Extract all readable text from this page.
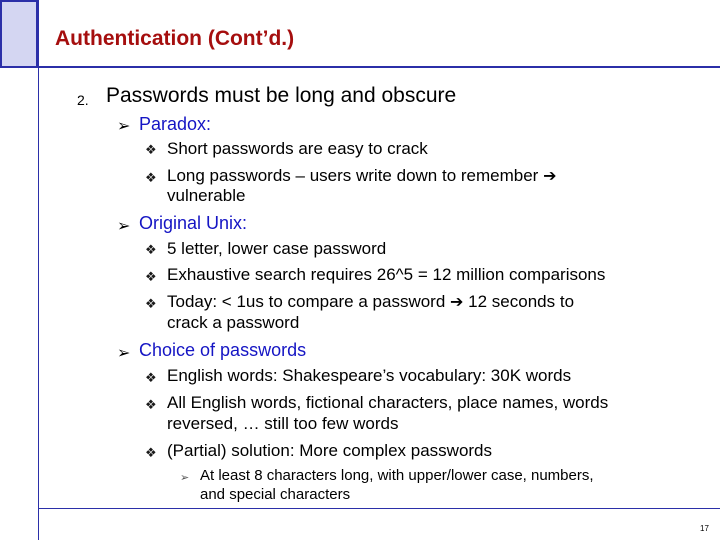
Authentication (Cont’d.)
2. Passwords must be long and obscure
➢ Paradox:
❖ Short passwords are easy to crack
❖ Long passwords – users write down to remember ➔
vulnerable
➢ Original Unix:
❖ 5 letter, lower case password
❖ Exhaustive search requires 26^5 = 12 million comparisons
❖ Today: < 1us to compare a password ➔ 12 seconds to
crack a password
➢ Choice of passwords
❖ English words: Shakespeare’s vocabulary: 30K words
❖ All English words, fictional characters, place names, words
reversed, … still too few words
❖ (Partial) solution: More complex passwords
➢ At least 8 characters long, with upper/lower case, numbers,
and special characters
17
